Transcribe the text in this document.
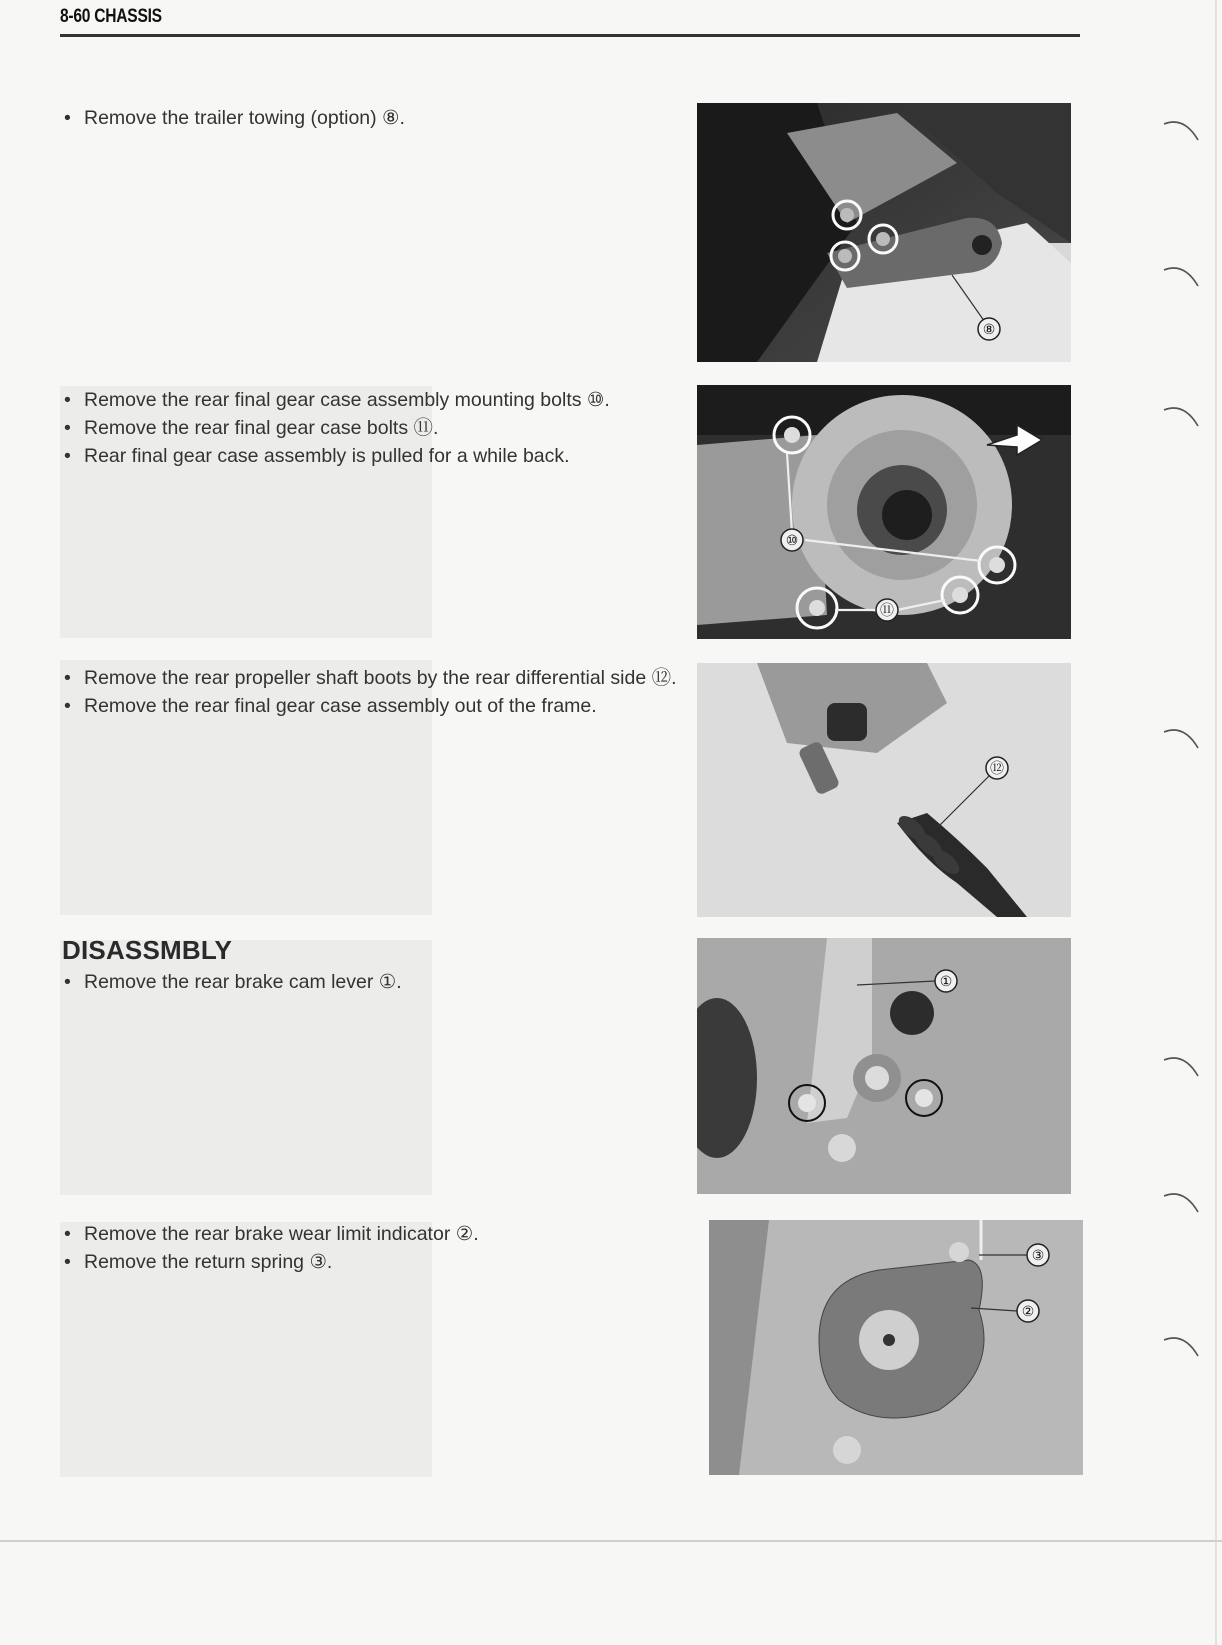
8-60 CHASSIS
• Remove the trailer towing (option) ⑧.
• Remove the rear final gear case assembly mounting bolts ⑩.
• Remove the rear final gear case bolts ⑪.
• Rear final gear case assembly is pulled for a while back.
• Remove the rear propeller shaft boots by the rear differential side ⑫.
• Remove the rear final gear case assembly out of the frame.
DISASSMBLY
• Remove the rear brake cam lever ①.
• Remove the rear brake wear limit indicator ②.
• Remove the return spring ③.
⑧
⑩
⑪
⑫
①
③
②
